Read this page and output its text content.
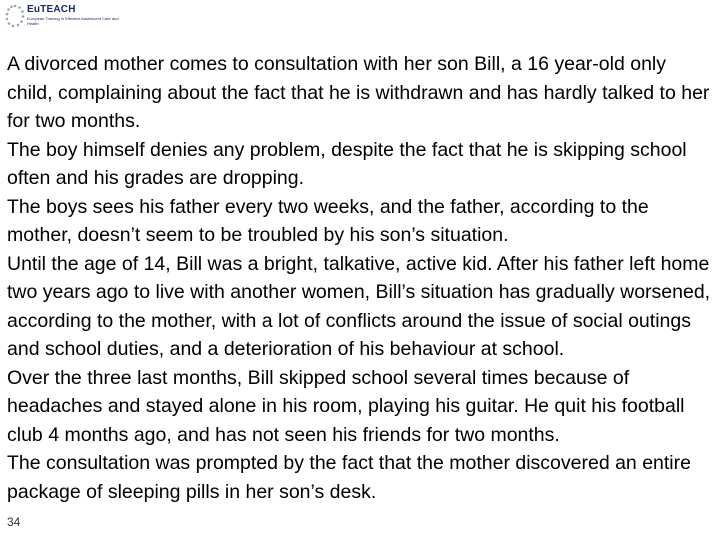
EuTEACH
European Training in Effective Adolescent Care and Health

A divorced mother comes to consultation with her son Bill, a 16 year-old only child, complaining about the fact that he is withdrawn and has hardly talked to her for two months.

The boy himself denies any problem, despite the fact that he is skipping school often and his grades are dropping.

The boys sees his father every two weeks, and the father, according to the mother, doesn’t seem to be troubled by his son’s situation.

Until the age of 14, Bill was a bright, talkative, active kid. After his father left home two years ago to live with another women, Bill’s situation has gradually worsened, according to the mother, with a lot of conflicts around the issue of social outings and school duties, and a deterioration of his behaviour at school.

Over the three last months, Bill skipped school several times because of headaches and stayed alone in his room, playing his guitar. He quit his football club 4 months ago, and has not seen his friends for two months.

The consultation was prompted by the fact that the mother discovered an entire package of sleeping pills in her son’s desk.

34
